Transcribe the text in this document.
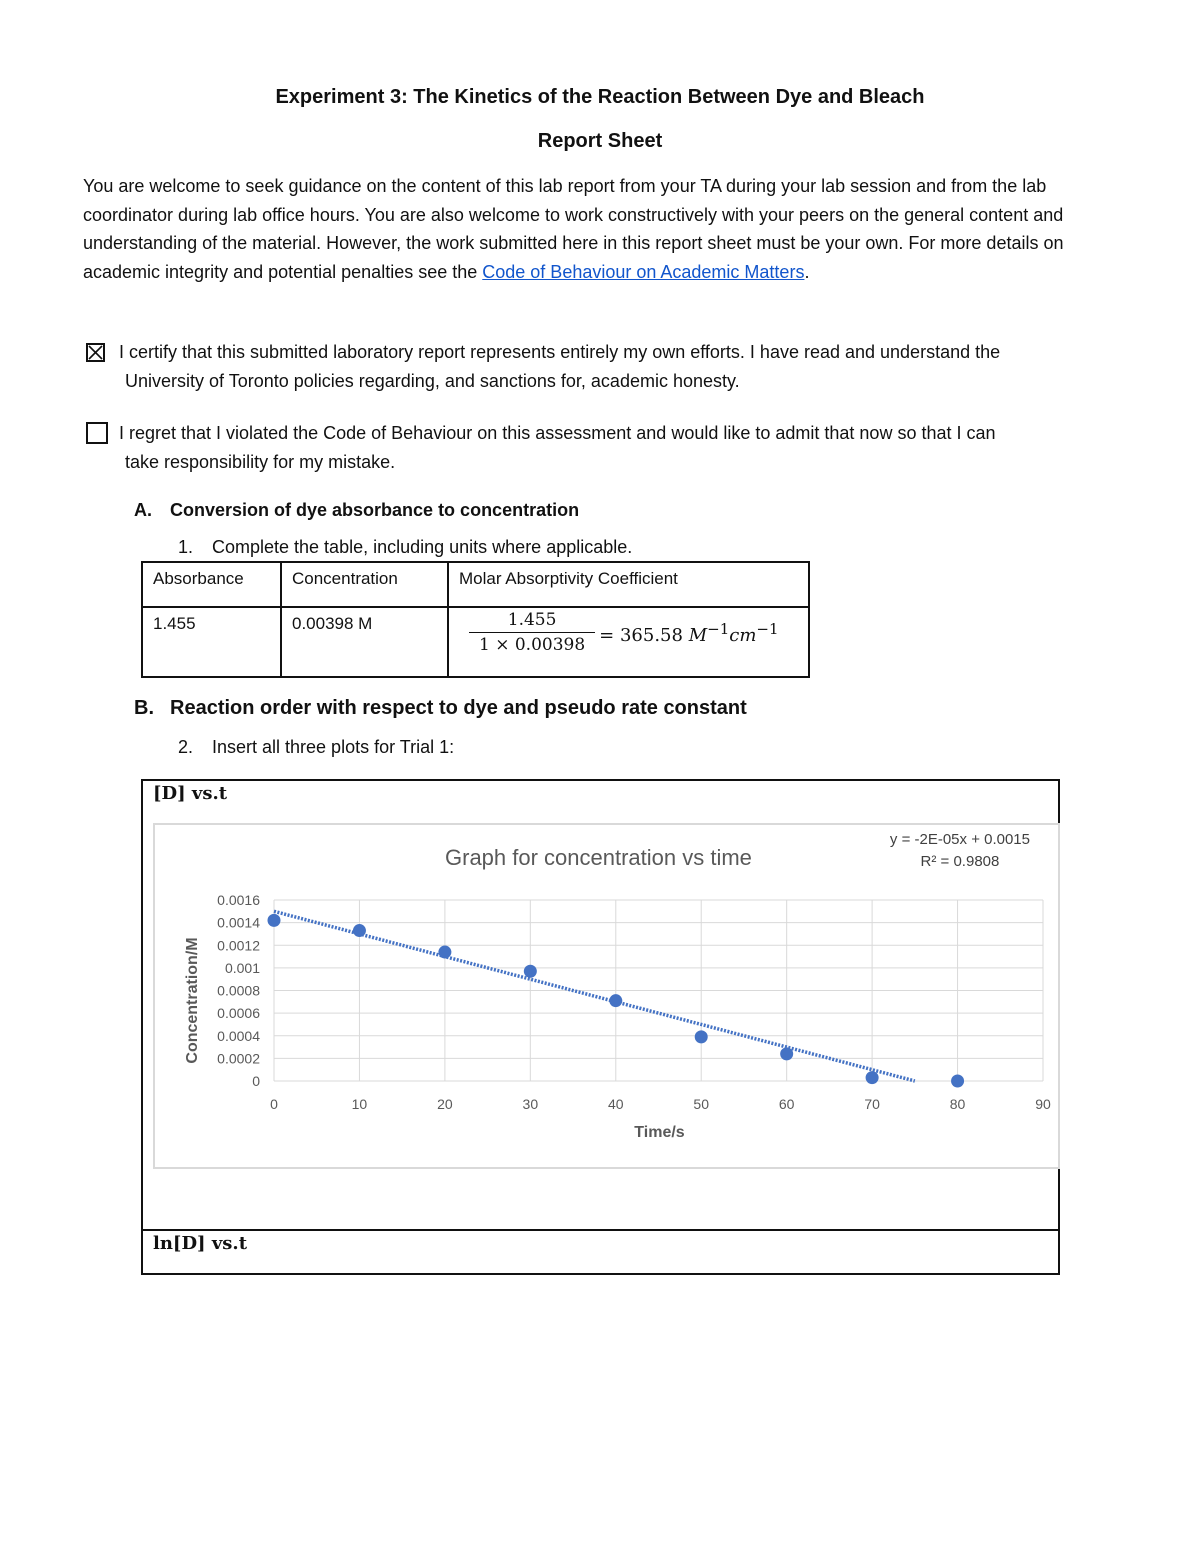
Experiment 3: The Kinetics of the Reaction Between Dye and Bleach
Report Sheet
You are welcome to seek guidance on the content of this lab report from your TA during your lab session and from the lab coordinator during lab office hours. You are also welcome to work constructively with your peers on the general content and understanding of the material. However, the work submitted here in this report sheet must be your own. For more details on academic integrity and potential penalties see the Code of Behaviour on Academic Matters.
I certify that this submitted laboratory report represents entirely my own efforts. I have read and understand the
University of Toronto policies regarding, and sanctions for, academic honesty.
I regret that I violated the Code of Behaviour on this assessment and would like to admit that now so that I can
take responsibility for my mistake.
A. Conversion of dye absorbance to concentration
1. Complete the table, including units where applicable.
Absorbance	Concentration	Molar Absorptivity Coefficient
1.455	0.00398 M	$\frac{1.455}{1 \times 0.00398} = 365.58$ $M^{-1}cm^{-1}$
B. Reaction order with respect to dye and pseudo rate constant
2. Insert all three plots for Trial 1:
[D] vs.t
Graph for concentration vs time
y = -2E-05x + 0.0015
R² = 0.9808
0
0.0002
0.0004
0.0006
0.0008
0.001
0.0012
0.0014
0.0016
0	10	20	30	40	50	60	70	80	90
Time/s
Concentration/M
ln[D] vs.t
